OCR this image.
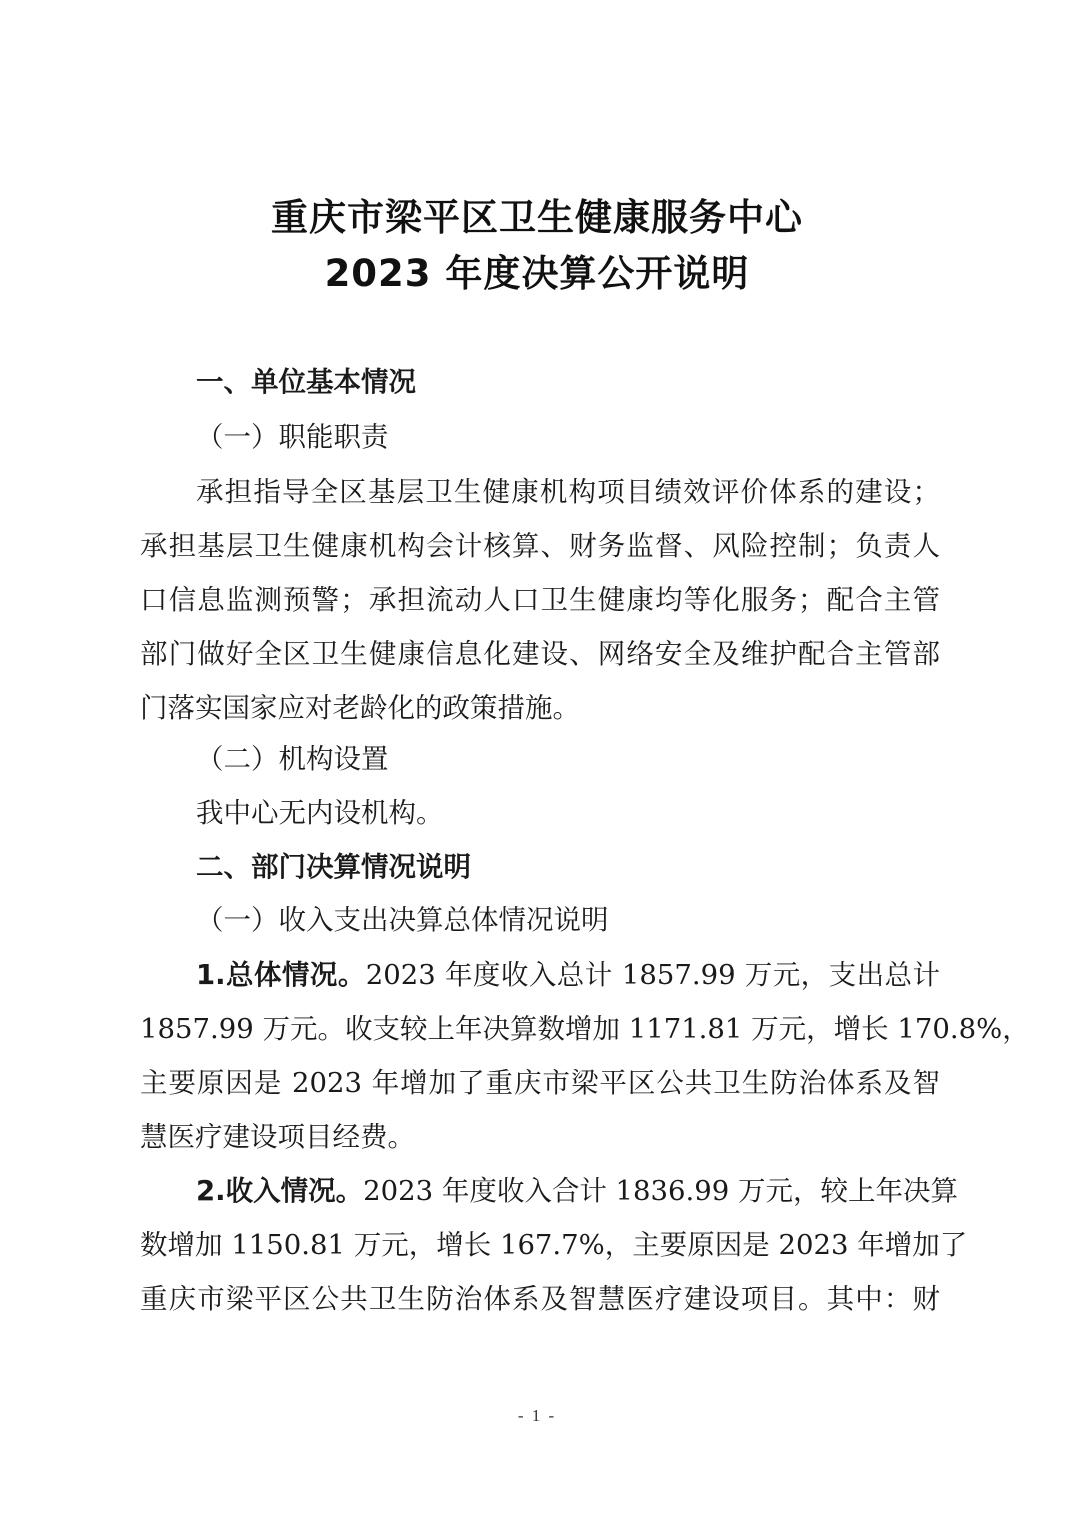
重庆市梁平区卫生健康服务中心
2023 年度决算公开说明
一、单位基本情况
（一）职能职责
承担指导全区基层卫生健康机构项目绩效评价体系的建设；
承担基层卫生健康机构会计核算、财务监督、风险控制；负责人
口信息监测预警；承担流动人口卫生健康均等化服务；配合主管
部门做好全区卫生健康信息化建设、网络安全及维护配合主管部
门落实国家应对老龄化的政策措施。
（二）机构设置
我中心无内设机构。
二、部门决算情况说明
（一）收入支出决算总体情况说明
1.总体情况。2023 年度收入总计 1857.99 万元，支出总计
1857.99 万元。收支较上年决算数增加 1171.81 万元，增长 170.8%，
主要原因是 2023 年增加了重庆市梁平区公共卫生防治体系及智
慧医疗建设项目经费。
2.收入情况。2023 年度收入合计 1836.99 万元，较上年决算
数增加 1150.81 万元，增长 167.7%，主要原因是 2023 年增加了
重庆市梁平区公共卫生防治体系及智慧医疗建设项目。其中：财
- 1 -
